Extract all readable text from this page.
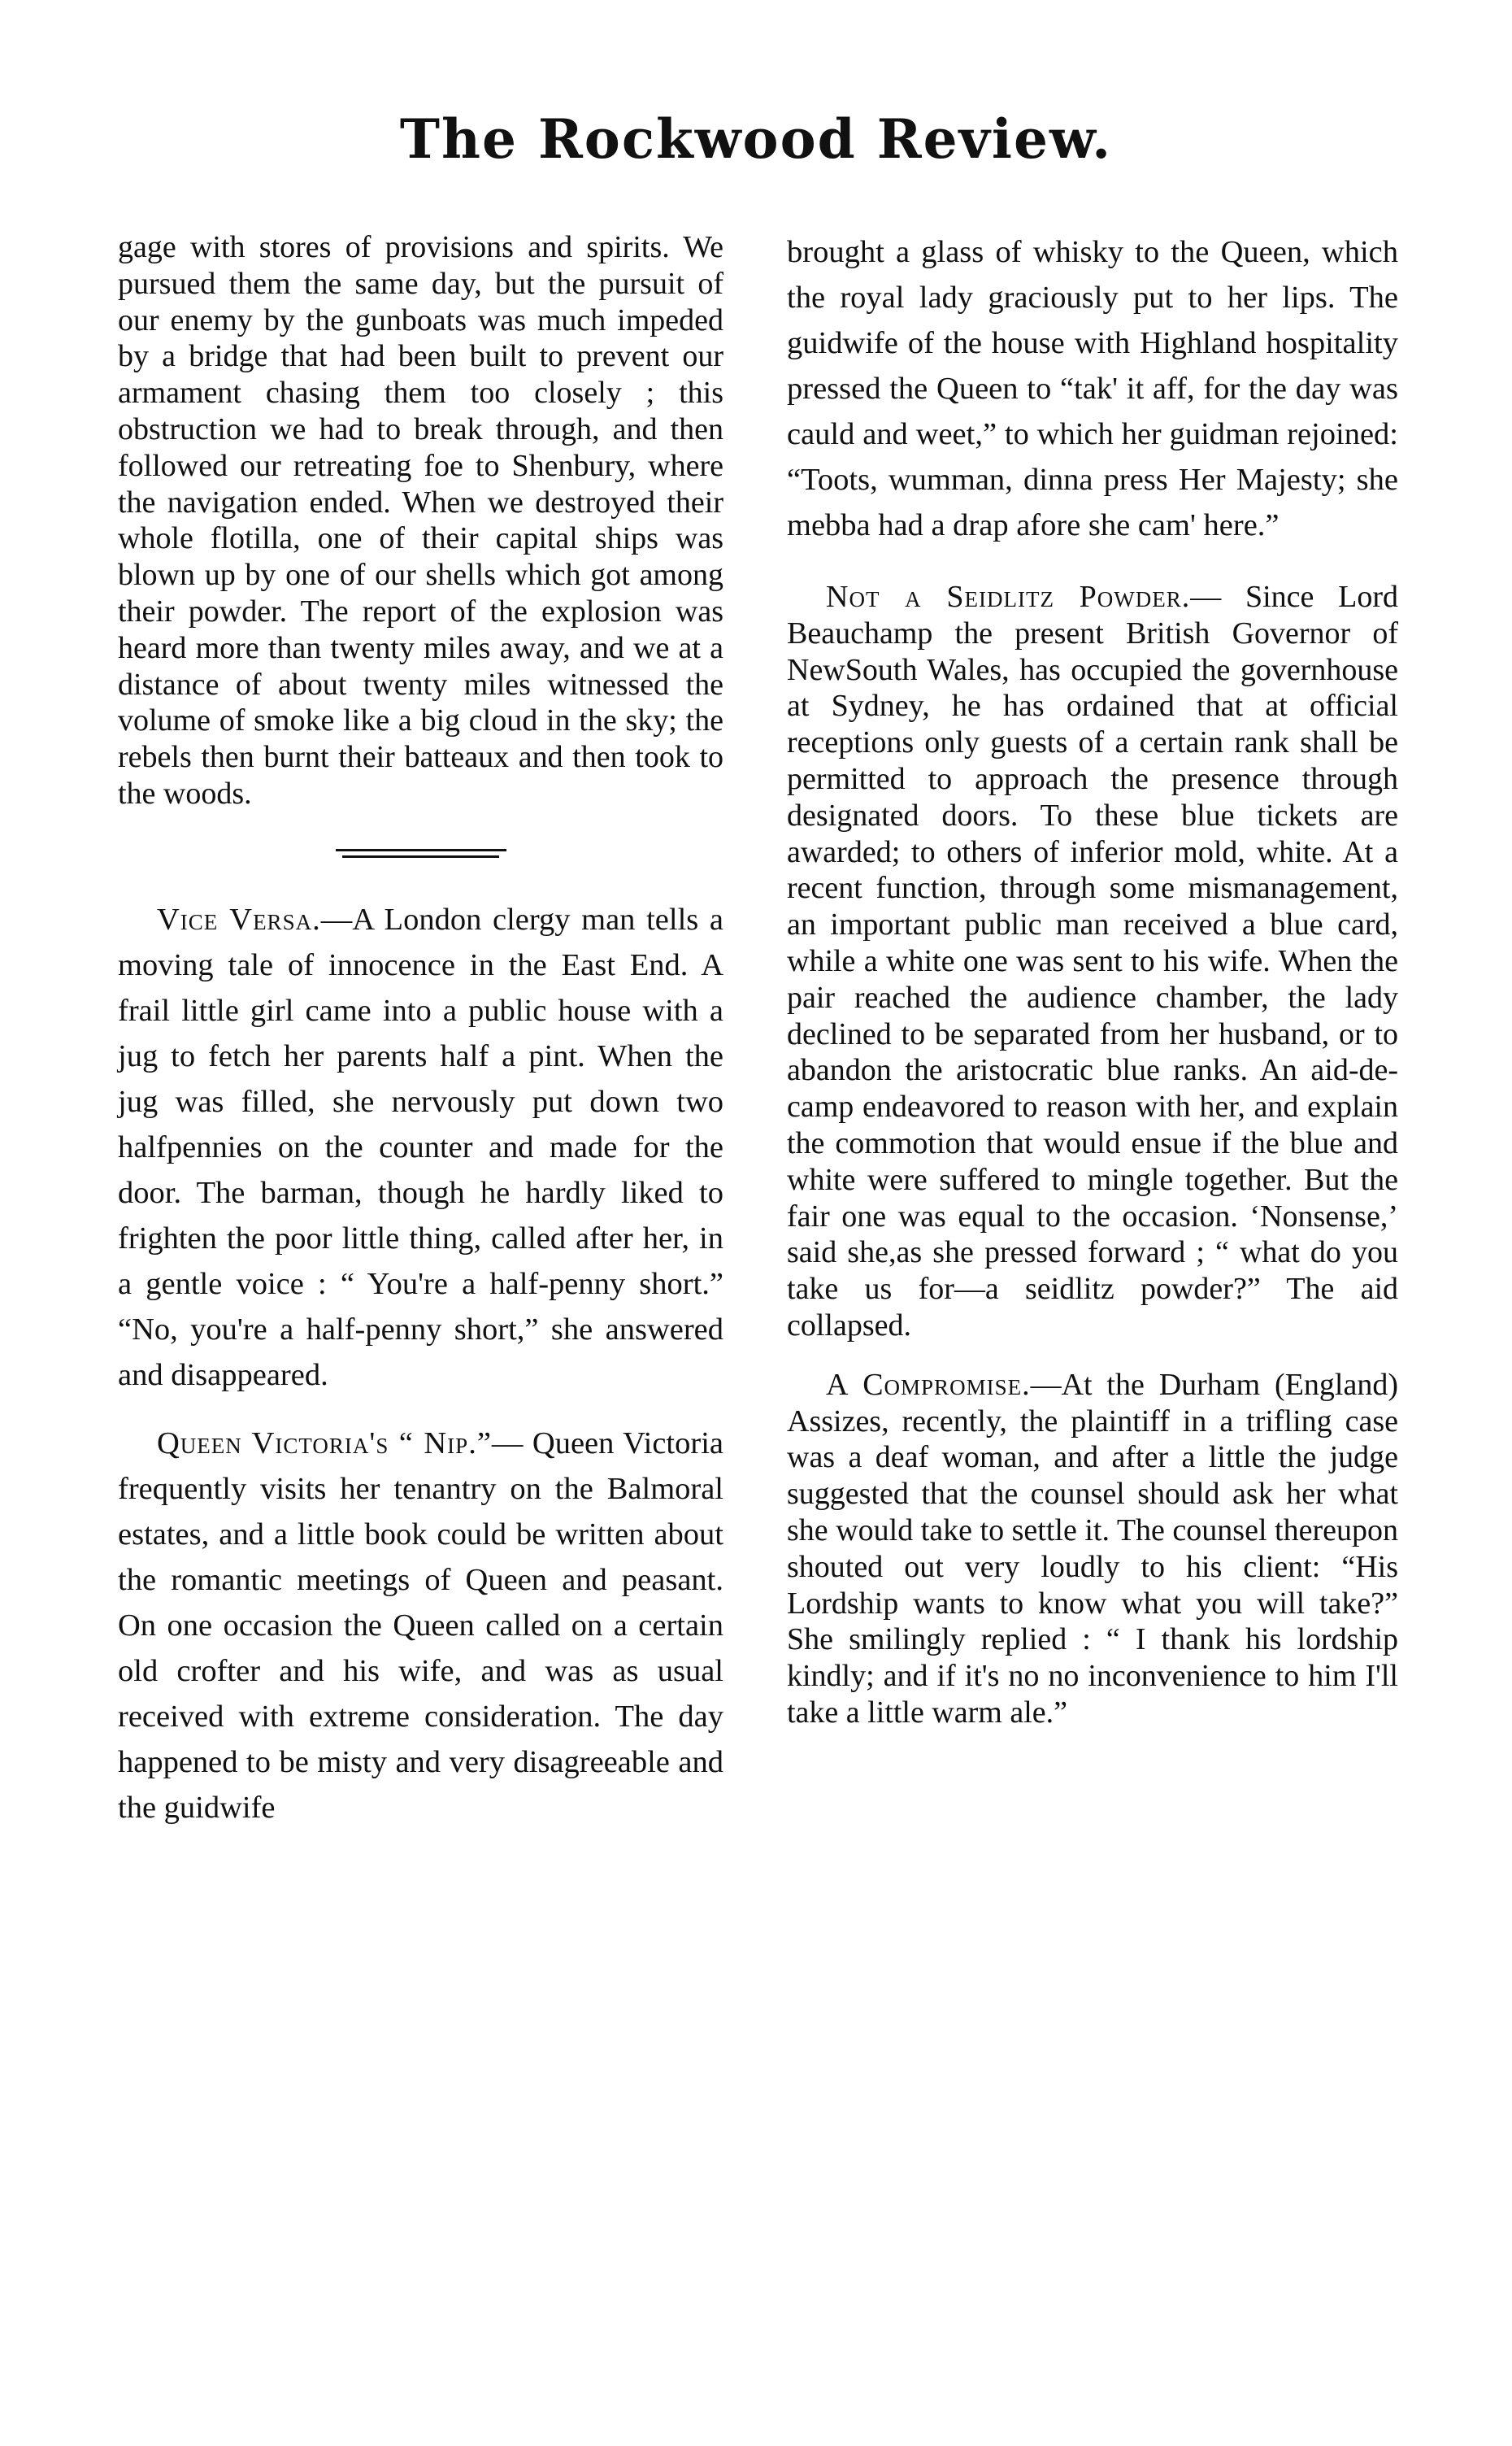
The Rockwood Review.

gage with stores of provisions and spirits. We pursued them the same day, but the pursuit of our enemy by the gunboats was much impeded by a bridge that had been built to prevent our armament chasing them too closely ; this obstruction we had to break through, and then followed our retreating foe to Shenbury, where the navigation ended. When we destroyed their whole flotilla, one of their capital ships was blown up by one of our shells which got among their powder. The report of the explosion was heard more than twenty miles away, and we at a distance of about twenty miles witnessed the volume of smoke like a big cloud in the sky; the rebels then burnt their batteaux and then took to the woods.

Vice Versa.—A London clergy man tells a moving tale of innocence in the East End. A frail little girl came into a public house with a jug to fetch her parents half a pint. When the jug was filled, she nervously put down two halfpennies on the counter and made for the door. The barman, though he hardly liked to frighten the poor little thing, called after her, in a gentle voice : “ You're a half-penny short.” “No, you're a half-penny short,” she answered and disappeared.

Queen Victoria's “ Nip.”— Queen Victoria frequently visits her tenantry on the Balmoral estates, and a little book could be written about the romantic meetings of Queen and peasant. On one occasion the Queen called on a certain old crofter and his wife, and was as usual received with extreme consideration. The day happened to be misty and very disagreeable and the guidwife

brought a glass of whisky to the Queen, which the royal lady graciously put to her lips. The guidwife of the house with Highland hospitality pressed the Queen to “tak' it aff, for the day was cauld and weet,” to which her guidman rejoined: “Toots, wumman, dinna press Her Majesty; she mebba had a drap afore she cam' here.”

Not a Seidlitz Powder.— Since Lord Beauchamp the present British Governor of NewSouth Wales, has occupied the governhouse at Sydney, he has ordained that at official receptions only guests of a certain rank shall be permitted to approach the presence through designated doors. To these blue tickets are awarded; to others of inferior mold, white. At a recent function, through some mismanagement, an important public man received a blue card, while a white one was sent to his wife. When the pair reached the audience chamber, the lady declined to be separated from her husband, or to abandon the aristocratic blue ranks. An aid-de-camp endeavored to reason with her, and explain the commotion that would ensue if the blue and white were suffered to mingle together. But the fair one was equal to the occasion. ‘Nonsense,’ said she,as she pressed forward ; “ what do you take us for—a seidlitz powder?” The aid collapsed.

A Compromise.—At the Durham (England) Assizes, recently, the plaintiff in a trifling case was a deaf woman, and after a little the judge suggested that the counsel should ask her what she would take to settle it. The counsel thereupon shouted out very loudly to his client: “His Lordship wants to know what you will take?” She smilingly replied : “ I thank his lordship kindly; and if it's no no inconvenience to him I'll take a little warm ale.”
